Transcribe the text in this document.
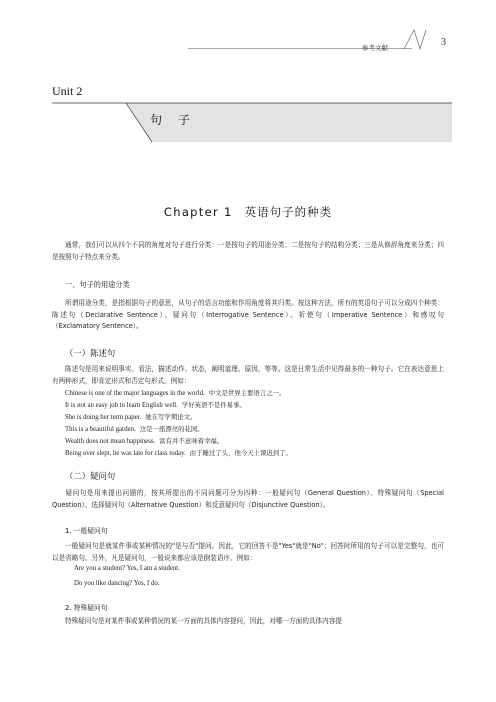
参考文献	3
Unit 2
句子
Chapter 1 英语句子的种类
通常，我们可以从四个不同的角度对句子进行分类：一是按句子的用途分类；二是按句子的结构分类；三是从修辞角度来分类；四是按照句子特点来分类。
一、句子的用途分类
所谓用途分类，是指根据句子的意思，从句子的语言功能和作用角度将其归类。按这种方法，所有的英语句子可以分成四个种类：陈述句（Declarative Sentence）、疑问句（Interrogative Sentence）、祈使句（Imperative Sentence）和感叹句（Exclamatory Sentence）。
（一）陈述句
陈述句是用来说明事实、看法，描述动作、状态，阐明道理、原因，等等。这是日常生活中见得最多的一种句子。它在表达意思上有两种形式，即肯定形式和否定句形式。例如：
Chinese is one of the major languages in the world. 中文是世界主要语言之一。
It is not an easy job to learn English well. 学好英语不是件易事。
She is doing her term paper. 她在写学期论文。
This is a beautiful garden. 这是一座漂亮的花园。
Wealth does not mean happiness. 富有并不意味着幸福。
Being over slept, he was late for class today. 由于睡过了头，他今天上课迟到了。
（二）疑问句
疑问句是用来提出问题的，按其所提出的不同问题可分为四种：一般疑问句（General Question）、特殊疑问句（Special Question）、选择疑问句（Alternative Question）和反意疑问句（Disjunctive Question）。
1. 一般疑问句
一般疑问句是就某件事或某种情况的"是与否"提问。因此，它的回答不是"Yes"就是"No"；回答时所用的句子可以是完整句，也可以是省略句。另外，凡是疑问句，一般说来都应该是倒装语序。例如：
Are you a student? Yes, I am a student.
Do you like dancing? Yes, I do.
2. 特殊疑问句
特殊疑问句是对某件事或某种情况的某一方面的具体内容提问，因此，对哪一方面的具体内容提
